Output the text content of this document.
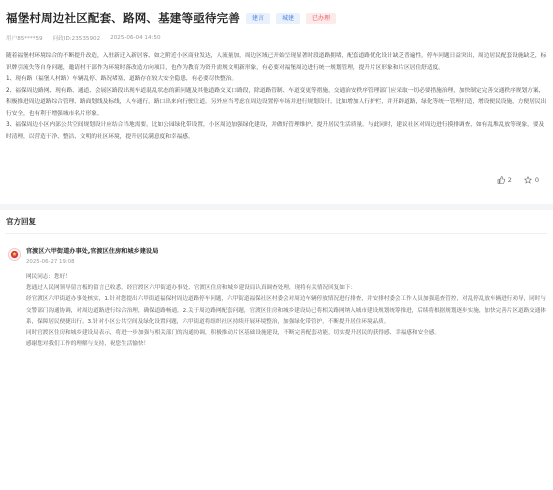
福堡村周边社区配套、路网、基建等亟待完善	建言	城建	已办理
用户85****59 问政ID:23535902 2025-06-04 14:50

随着福堡村环境综合的不断提升改造，入驻新迁入新居客、如之附近小区商业发达，人流量加，周边区域已开始呈现显著时段道路拥堵，配套道路优化设计缺乏普遍性，停车问题日益突出，周边居民配套设施缺乏，标识牌引流失等自身问题，邀请村干部作为环境时落改造方向项目，也作为教育为资升需规文明新形象，有必要对福堡周边进行统一规划管理，提升片区形象和片区居住舒适度。

1、现有路（福堡人村路）车辆乱停、路况堵塞，道路存在较大安全隐患，有必要尽快整治。

2、福保周边路网、现有路、通道、会展区路段出现车道混乱状态的新问题及其他道路交叉口路段，除道路管制、车道变更等措施，交通治安秩序管理部门应采取一切必要措施治理，加快制定完善交通秩序规划方案，积极推进周边道路综合管理、路面划线及标线，人车通行，路口出来向行驶让道。另外应当考虑在周边设置停车场并进行规划设计，比如增加人行护栏，并开辟道路，绿化等统一管理打造，增设便民设施，方便居民出行安全，也有利于增强城市名片形象。

3、福保周边小区内部公共空间规划设计应结合当地需要，比如公园绿化带设置，小区周边加强绿化建设，并做好管理维护，提升居民生活质量。与此同时，建议社区对周边进行摸排调查，如有乱堆乱放等现象，要及时清理，以营造干净、整洁、文明的社区环境，提升居民满意度和幸福感。

2	0
官方回复
官渡区六甲街道办事处,官渡区住房和城乡建设局
2025-06-27 19:08

网民同志：您好！

您通过人民网领导留言板的留言已收悉，经官渡区六甲街道办事处、官渡区住房和城乡建设局认真调查处理，现将有关情况回复如下：

经官渡区六甲街道办事处核实，1.针对您提出六甲街道福保村周边道路停车问题，六甲街道福保社区村委会对周边车辆停放情况进行排查，并安排村委会工作人员加强巡查管控，对乱停乱放车辆进行劝导，同时与交警部门沟通协调，对周边道路进行综合治理，确保道路畅通。2.关于周边路网配套问题，官渡区住房和城乡建设局已将相关路网纳入城市建设规划统筹推进，后续将根据规划逐步实施，加快完善片区道路交通体系，保障居民便捷出行。3.针对小区公共空间及绿化设置问题，六甲街道将组织社区持续开展环境整治，加强绿化带管护，不断提升居住环境品质。

同时官渡区住房和城乡建设局表示，将进一步加强与相关部门的沟通协调，积极推动片区基础设施建设，不断完善配套功能，切实提升居民的获得感、幸福感和安全感。

感谢您对我们工作的理解与支持，祝您生活愉快！
